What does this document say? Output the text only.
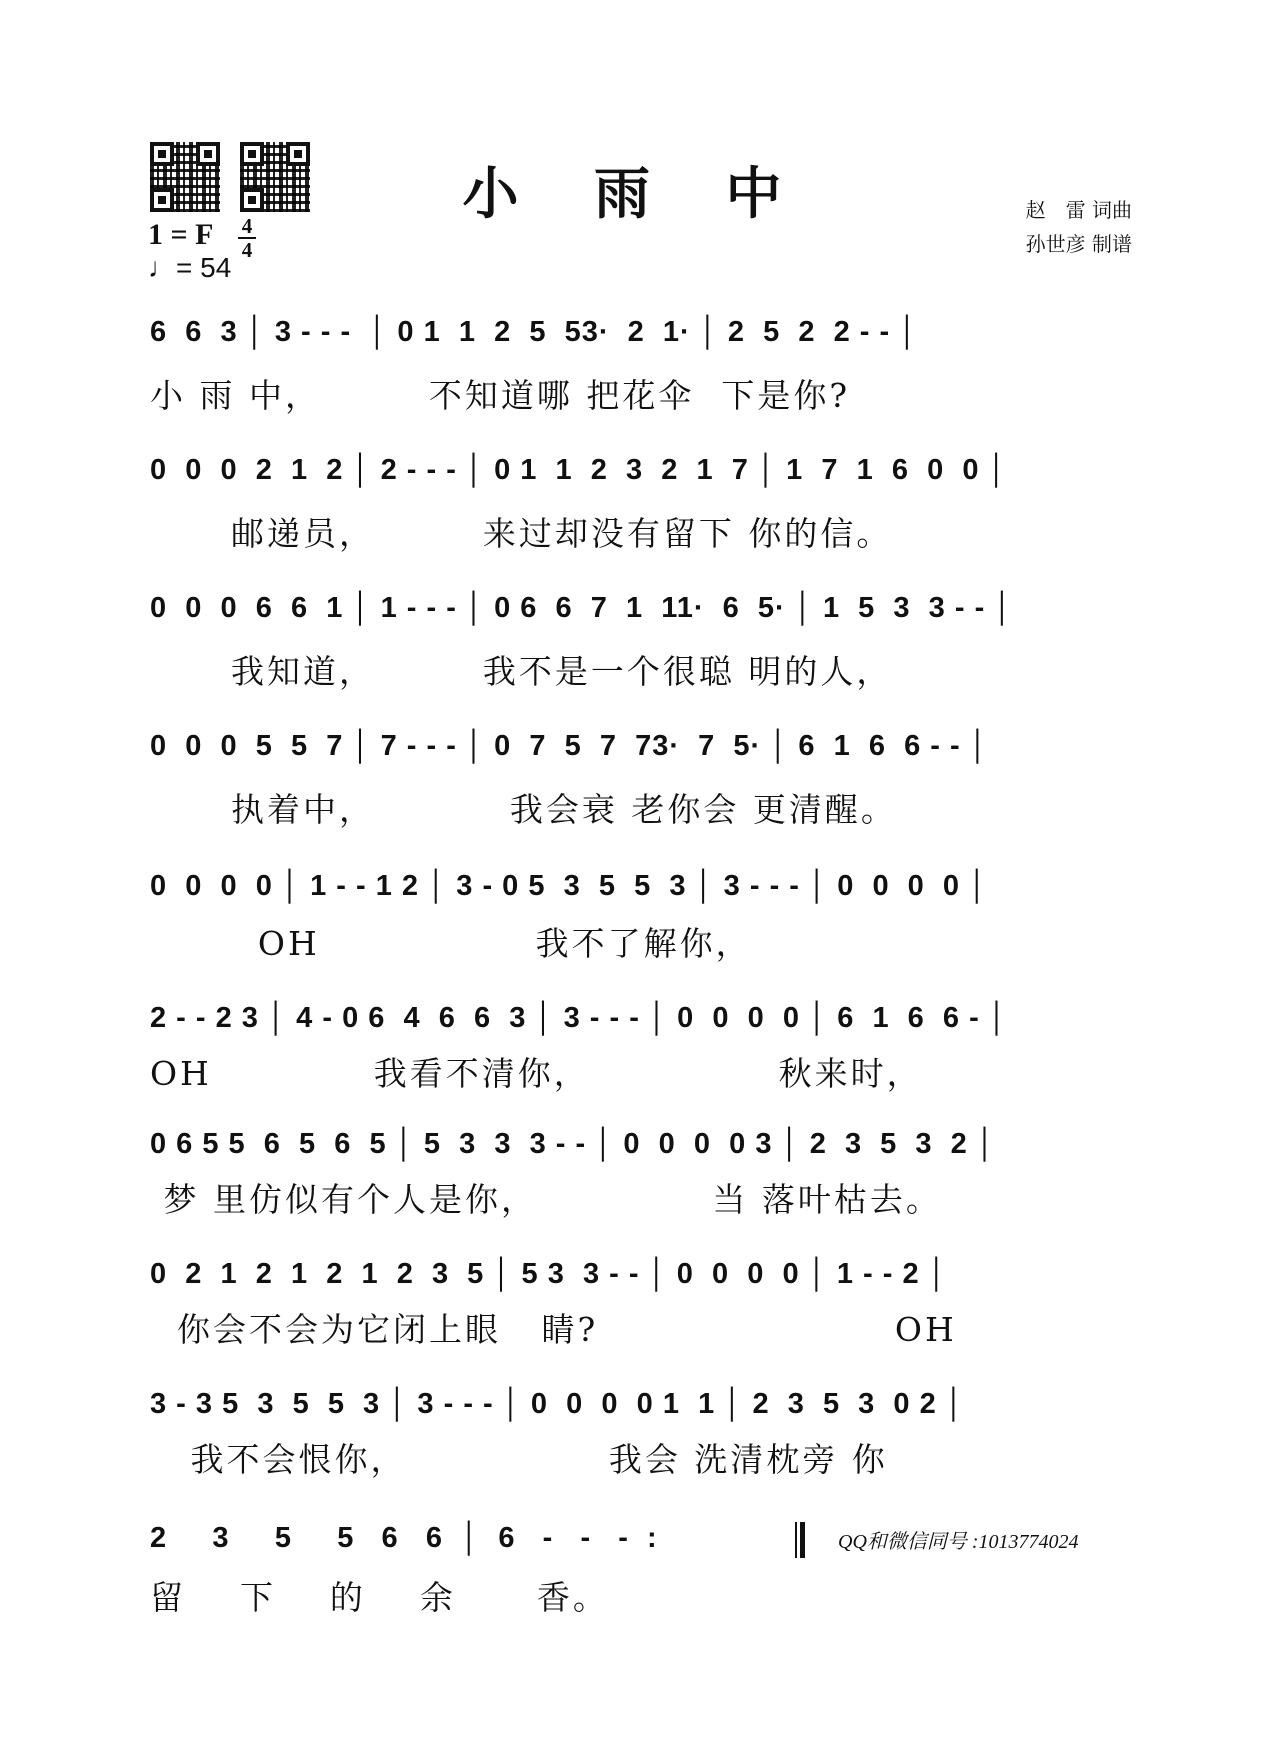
小 雨 中	赵　雷 词曲
孙世彦 制谱
1 = F 4
4
♩= 54
6  6  3 │ 3 - - -  │ 0 1  1  2  5  53·  2  1· │ 2  5  2  2 - - │
小 雨 中，        不知道哪 把花伞  下是你?
0  0  0  2  1  2 │ 2 - - - │ 0 1  1  2  3  2  1  7 │ 1  7  1  6  0  0 │
邮递员，        来过却没有留下 你的信。
0  0  0  6  6  1 │ 1 - - - │ 0 6  6  7  1  11·  6  5· │ 1  5  3  3 - - │
我知道，        我不是一个很聪 明的人，
0  0  0  5  5  7 │ 7 - - - │ 0  7  5  7  73·  7  5· │ 6  1  6  6 - - │
执着中，          我会衰 老你会 更清醒。
0  0  0  0 │ 1 - - 1 2 │ 3 - 0 5  3  5  5  3 │ 3 - - - │ 0  0  0  0 │
OH                我不了解你，
2 - - 2 3 │ 4 - 0 6  4  6  6  3 │ 3 - - - │ 0  0  0  0 │ 6  1  6  6 - │
OH            我看不清你，              秋来时，
0 6 5 5  6  5  6  5 │ 5  3  3  3 - - │ 0  0  0  0 3 │ 2  3  5  3  2 │
梦 里仿似有个人是你，             当 落叶枯去。
0  2  1  2  1  2  1  2  3  5 │ 5 3  3 - - │ 0  0  0  0 │ 1 - - 2 │
你会不会为它闭上眼   睛?                      OH
3 - 3 5  3  5  5  3 │ 3 - - - │ 0  0  0  0 1  1 │ 2  3  5  3  0 2 │
我不会恨你，               我会 洗清枕旁 你
2     3     5     5   6   6  │  6   -   -   -  :
留    下    的    余      香。
QQ和微信同号 :1013774024
